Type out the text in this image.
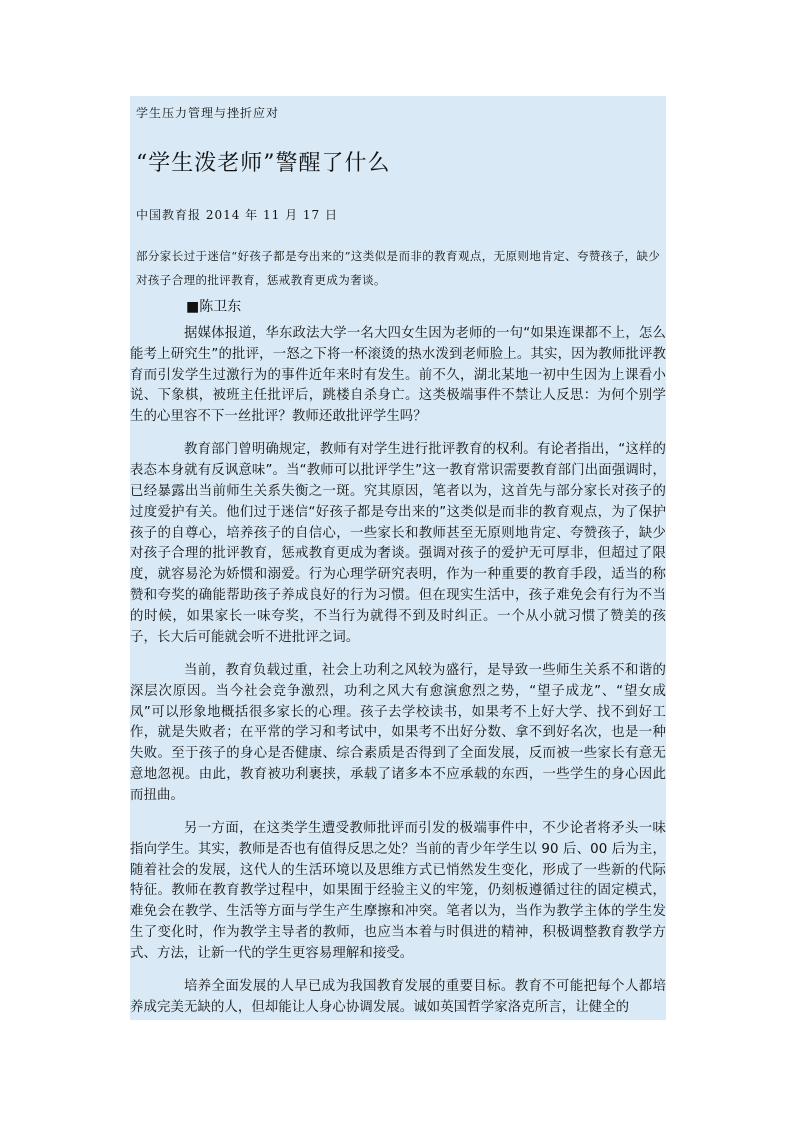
学生压力管理与挫折应对
“学生泼老师”警醒了什么
中国教育报 2014 年 11 月 17 日
部分家长过于迷信“好孩子都是夸出来的”这类似是而非的教育观点，无原则地肯定、夸赞孩子，缺少对孩子合理的批评教育，惩戒教育更成为奢谈。
■陈卫东

据媒体报道，华东政法大学一名大四女生因为老师的一句“如果连课都不上，怎么能考上研究生”的批评，一怒之下将一杯滚烫的热水泼到老师脸上。其实，因为教师批评教育而引发学生过激行为的事件近年来时有发生。前不久，湖北某地一初中生因为上课看小说、下象棋，被班主任批评后，跳楼自杀身亡。这类极端事件不禁让人反思：为何个别学生的心里容不下一丝批评？教师还敢批评学生吗？

教育部门曾明确规定，教师有对学生进行批评教育的权利。有论者指出，“这样的表态本身就有反讽意味”。当“教师可以批评学生”这一教育常识需要教育部门出面强调时，已经暴露出当前师生关系失衡之一斑。究其原因，笔者以为，这首先与部分家长对孩子的过度爱护有关。他们过于迷信“好孩子都是夸出来的”这类似是而非的教育观点，为了保护孩子的自尊心，培养孩子的自信心，一些家长和教师甚至无原则地肯定、夸赞孩子，缺少对孩子合理的批评教育，惩戒教育更成为奢谈。强调对孩子的爱护无可厚非，但超过了限度，就容易沦为娇惯和溺爱。行为心理学研究表明，作为一种重要的教育手段，适当的称赞和夸奖的确能帮助孩子养成良好的行为习惯。但在现实生活中，孩子难免会有行为不当的时候，如果家长一味夸奖，不当行为就得不到及时纠正。一个从小就习惯了赞美的孩子，长大后可能就会听不进批评之词。

当前，教育负载过重，社会上功利之风较为盛行，是导致一些师生关系不和谐的深层次原因。当今社会竞争激烈，功利之风大有愈演愈烈之势，“望子成龙”、“望女成凤”可以形象地概括很多家长的心理。孩子去学校读书，如果考不上好大学、找不到好工作，就是失败者；在平常的学习和考试中，如果考不出好分数、拿不到好名次，也是一种失败。至于孩子的身心是否健康、综合素质是否得到了全面发展，反而被一些家长有意无意地忽视。由此，教育被功利裹挟，承载了诸多本不应承载的东西，一些学生的身心因此而扭曲。

另一方面，在这类学生遭受教师批评而引发的极端事件中，不少论者将矛头一味指向学生。其实，教师是否也有值得反思之处？当前的青少年学生以 90 后、00 后为主，随着社会的发展，这代人的生活环境以及思维方式已悄然发生变化，形成了一些新的代际特征。教师在教育教学过程中，如果囿于经验主义的牢笼，仍刻板遵循过往的固定模式，难免会在教学、生活等方面与学生产生摩擦和冲突。笔者以为，当作为教学主体的学生发生了变化时，作为教学主导者的教师，也应当本着与时俱进的精神，积极调整教育教学方式、方法，让新一代的学生更容易理解和接受。

培养全面发展的人早已成为我国教育发展的重要目标。教育不可能把每个人都培养成完美无缺的人，但却能让人身心协调发展。诚如英国哲学家洛克所言，让健全的
